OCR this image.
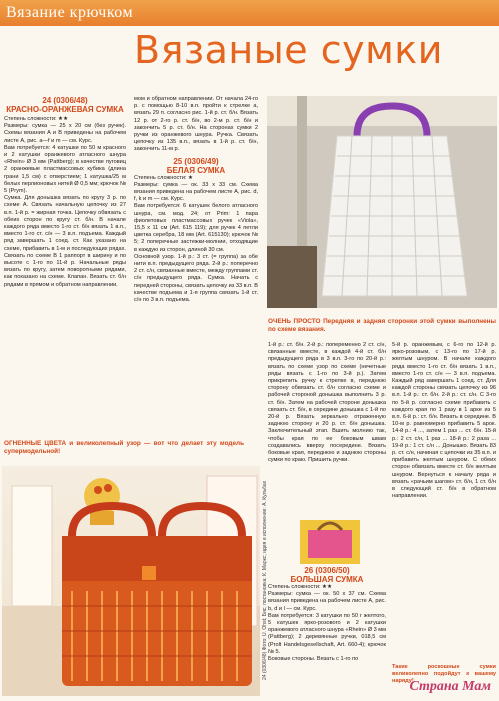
Вязание крючком
Вязаные сумки

24 (0306/48)

КРАСНО-ОРАНЖЕВАЯ СУМКА

Степень сложности: ★★

Размеры: сумка — 25 x 20 см (без ручек). Схемы вязания A и B приведены на рабочем листе A, рис. а—f и m — см. Курс.

Вам потребуется: 4 катушки по 50 м красного и 2 катушки оранжевого атласного шнура «Rhein» Ø 3 мм (Pattberg); в качестве пуговиц 2 оранжевые пластмассовых кубика (длина грани 1,5 см) с отверстием; 1 катушка/25 м белых перлионовых нитей Ø 0,5 мм; крючок № 5 (Prym).

Сумка. Для донышка вязать по кругу 3 р. по схеме A. Связать начальную цепочку из 27 в.п. 1-й р. = жирная точка. Цепочку обвязать с обеих сторон по кругу ст. б/н. В начале каждого ряда вместо 1-го ст. б/н вязать 1 в.п., вместо 1-го ст. с/н — 3 в.п. подъема. Каждый ряд завершать 1 соед. ст. Как указано на схеме, прибавить в 1-м и последующих рядах. Связать по схеме В 1 раппорт в ширину и по высоте с 1-го по 11-й р. Начальные ряды вязать по кругу, затем поворотными рядами, как показано на схеме. Клапан. Вязать ст. б/н рядами в прямом и обратном направлении.

мом и обратном направлении. От начала 24-го р. с помощью 8-10 в.п. пройти к стрелке а, вязать 29 п. согласно рис. 1-й р. ст. б/н. Вязать 12 р. от 2-го р. ст. б/н, во 2-м р. ст. б/н и закончить 5 р. ст. б/н. На сторонах сумки 2 ручки из оранжевого шнура. Ручка. Связать цепочку из 135 в.п., вязать в 1-й р. ст. б/н, закончить 11-м р.

25 (0306/49)

БЕЛАЯ СУМКА

Степень сложности: ★

Размеры: сумка — ок. 33 x 33 см. Схема вязания приведена на рабочем листе А, рис. d, f, k и m — см. Курс.

Вам потребуется: 6 катушек белого атласного шнура, см. мод. 24; от Prim: 1 пара фиолетовых пластмассовых ручек «Viola», 15,5 x 11 см (Art. 615 119); для ручек 4 петли цветка серебра, 18 мм (Art. 615130); крючок № 5; 2 поперечные застежки-молнии, отходящие в каждую из сторон, длиной 30 см.

Основной узор. 1-й р.: 3 ст. (= группа) за обе нити в.п. предыдущего ряда. 2-й р.: поперечно 2 ст. с/н, связанные вместе, между группами ст. с/н предыдущего ряда. Сумка. Начать с передней стороны, связать цепочку из 33 в.п. В качестве подъема и 1-я группа связать 1-й ст. с/н по 3 в.п. подъема.

ОГНЕННЫЕ ЦВЕТА и великолепный узор — вот что делает эту модель супермодельной!
24 (0306/48) Фото: U. Ohst; Бис; постановка: К. Маркс; идея и исполнение: А. Кульбах
ОЧЕНЬ ПРОСТО Передняя и задняя сторонки этой сумки выполнены по схеме вязания.

1-й р.: ст. б/н. 2-й р.: попеременно 2 ст. с/н, связанные вместе, в каждой 4-й ст. б/н предыдущего ряда в 3 в.п. 3-го по 20-й р.: вязать по схеме узор по схеме (нечетные ряды вязать с 1-го по 3-й р.). Затем прикрепить ручку к стрелке в, переднюю сторону обвязать ст. б/н согласно схеме и рабочей стороной донышка выполнить 3 р. ст. б/н. Затем на рабочей стороне донышка связать ст. б/н, в середине донышка с 1-й по 20-й р. Вязать зеркально отраженную заднюю сторону и 20 р. ст. б/н донышка. Заключительный этап. Вшить молнию так, чтобы края по ее боковым швам создавались вверху посередине. Вязать боковые края, переднюю и заднюю стороны сумки по краю. Пришить ручки.

26 (0306/50)

БОЛЬШАЯ СУМКА

Степень сложности: ★★

Размеры: сумка — ок. 50 x 37 см. Схема вязания приведена на рабочем листе А, рис. b, d и l — см. Курс.

Вам потребуется: 3 катушки по 50 г желтого, 5 катушек ярко-розового и 2 катушки оранжевого атласного шнура «Rhein» Ø 3 мм (Pattberg); 2 деревянные ручки, 018,5 см (Prolt Handelsgesellschaft, Art. 660-4); крючок № 5.

Боковые стороны. Вязать с 1-го по

5-й р. оранжевым, с 6-го по 12-й р. ярко-розовым, с 13-го по 17-й р. желтым шнуром. В начале каждого ряда вместо 1-го ст. б/н вязать 1 в.п., вместо 1-го ст. с/н — 3 в.п. подъема. Каждый ряд завершать 1 соед. ст. Для каждой стороны связать цепочку из 96 в.п. 1-й р.: ст. б/н. 2-й р.: ст. с/н. С 3-го по 5-й р. согласно схеме прибавить с каждого края по 1 разу в 1 арке из 5 в.п. 6-й р.: ст. б/н. Вязать в середине. В 10-м р. равномерно прибавить 5 арок. 14-й р.: 4 ..., затем 1 раз ... ст. б/н. 15-й р.: 2 ст. с/н, 1 раз ... 18-й р.: 2 раза ... 19-й р.: 1 ст. с/н ... Донышко. Вязать 83 р. ст. с/н, начиная с цепочки из 35 в.п. и прибавить желтым шнуром. С обеих сторон обвязать вместе ст. б/н желтым шнуром. Вернуться к началу ряда и вязать «рачьим шагом» ст. б/н, 1 ст. б/н в следующий ст. б/н в обратном направлении.

Такие роскошные сумки великолепно подойдут к вашему наряду!
Страна Мам
